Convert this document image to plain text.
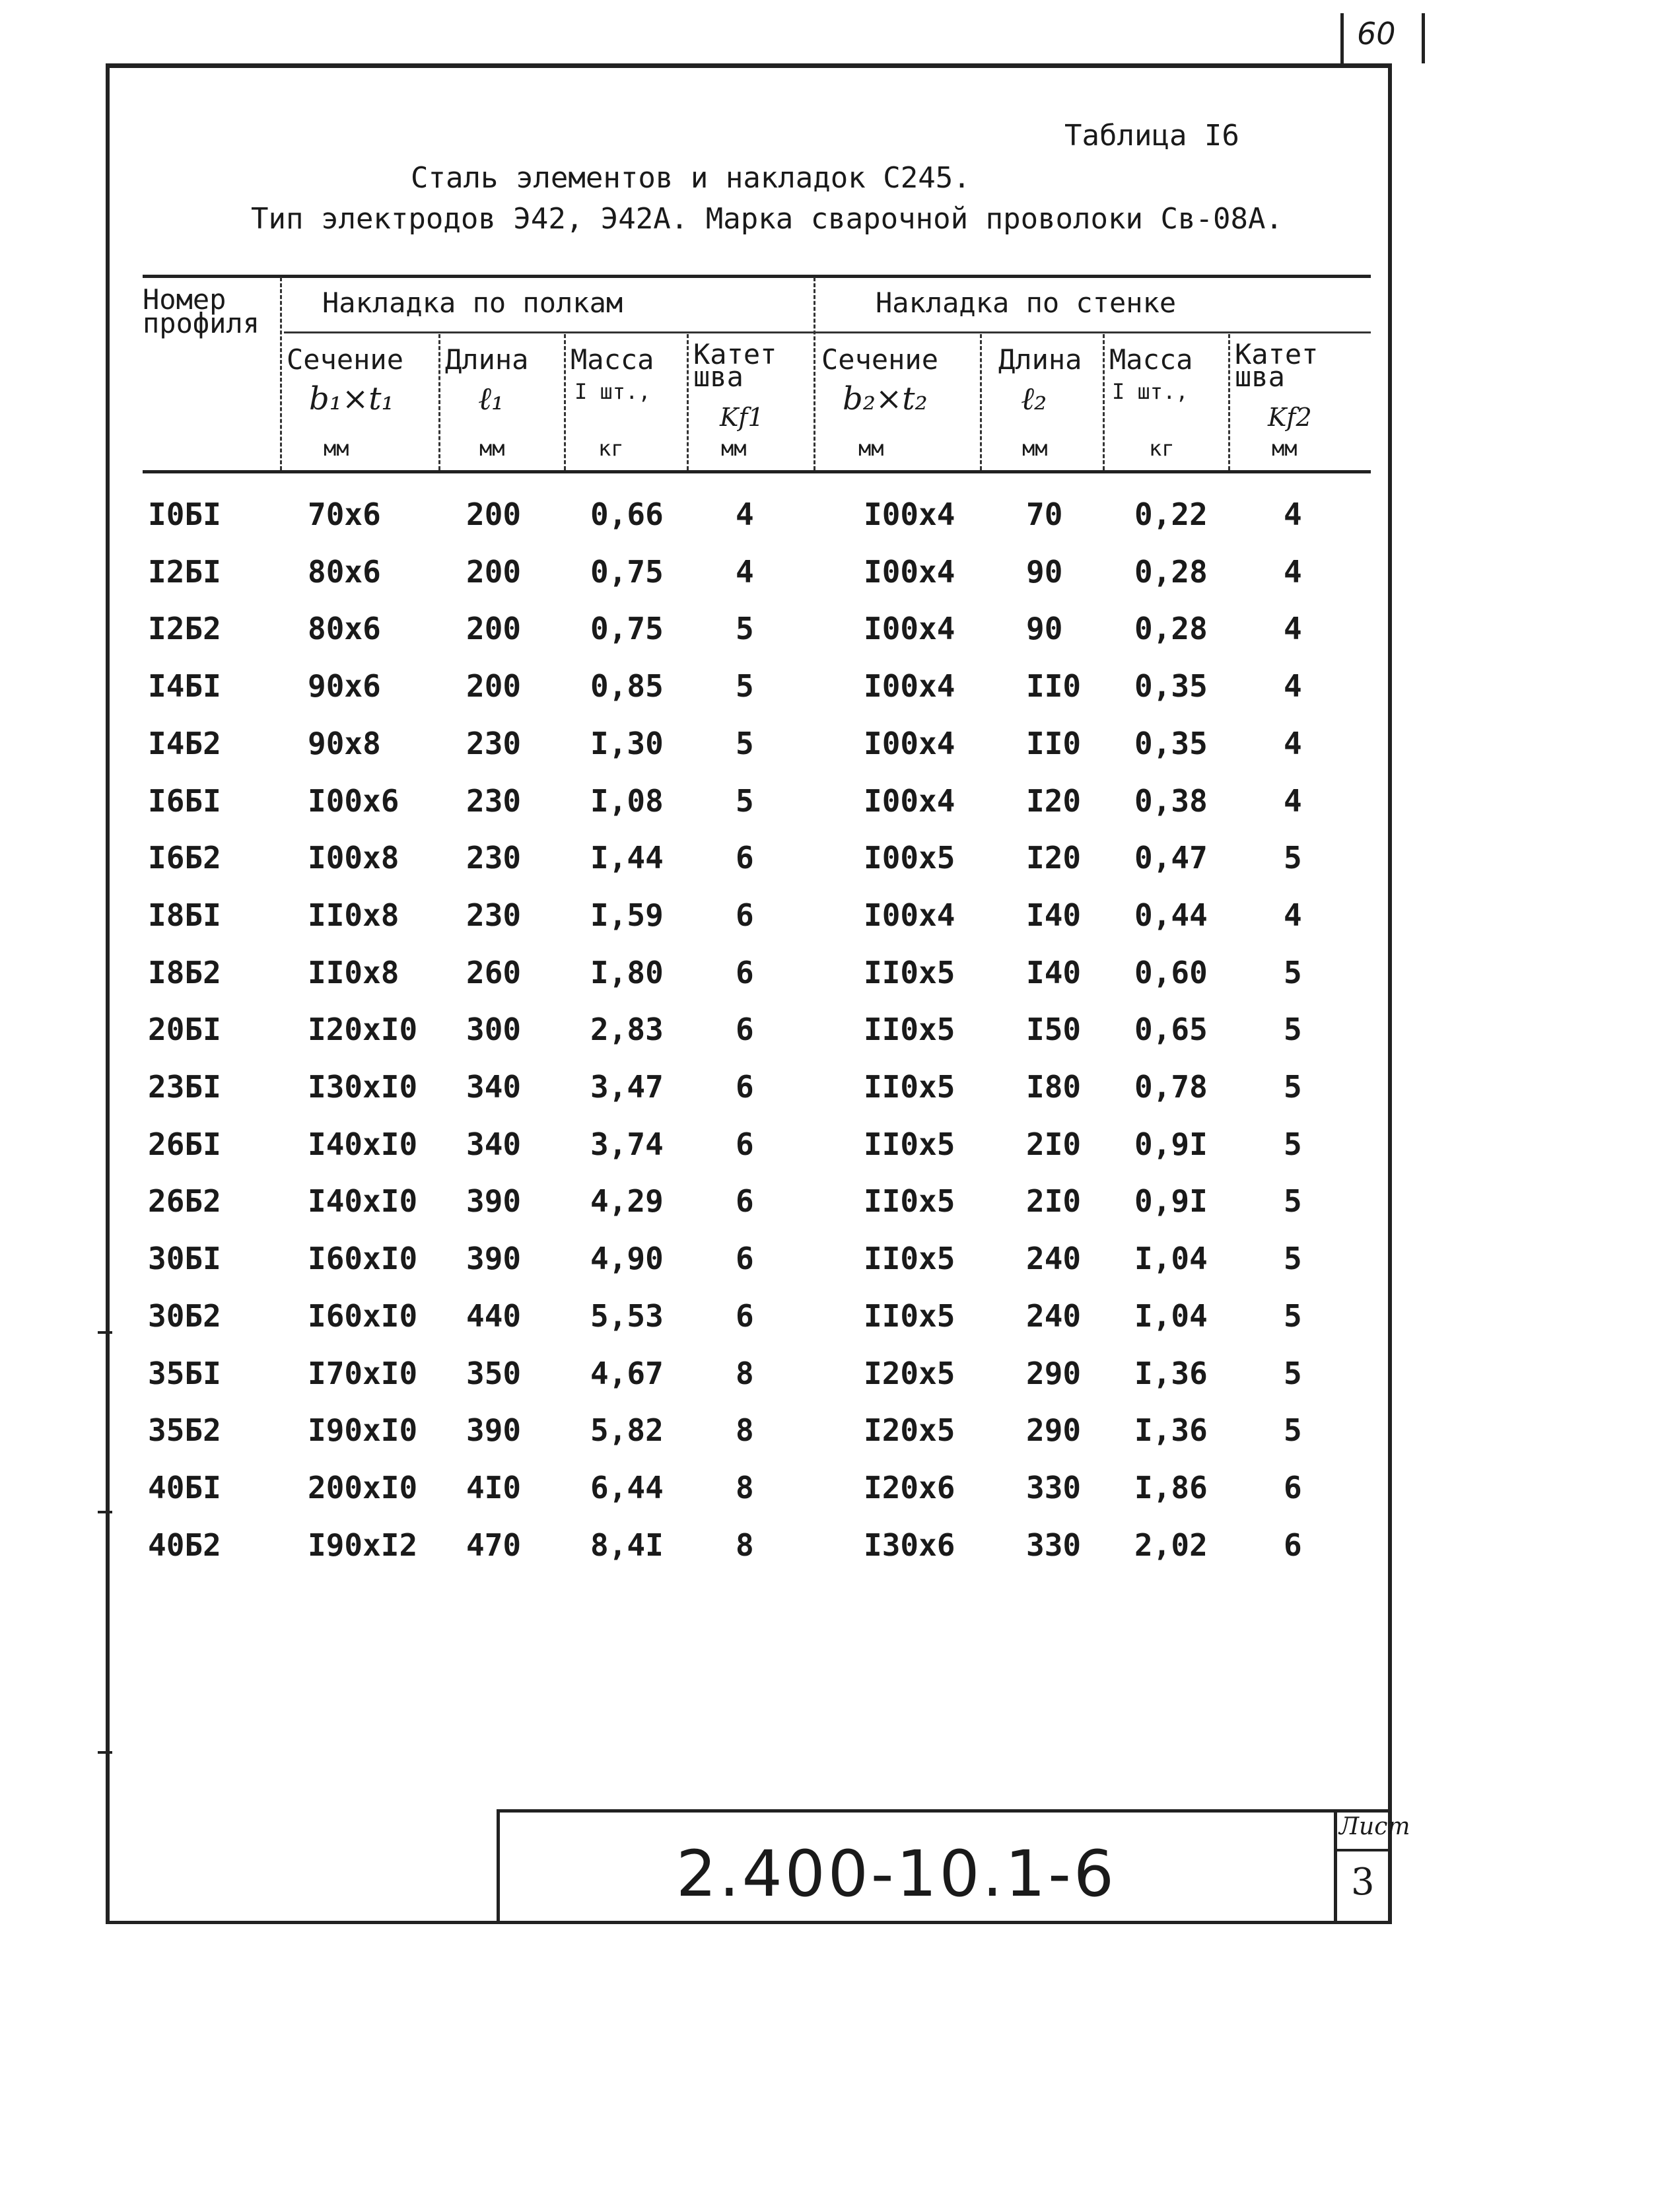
60
Таблица I6
Сталь элементов и накладок С245.
Тип электродов Э42, Э42А. Марка сварочной проволоки Св-08А.
Номер профиля
Накладка по полкам	Накладка по стенке
Сечение
b₁×t₁
мм
Длина
ℓ₁
мм
Масса
I шт.,
кг
Катет шва
Kf1
мм
Сечение
b₂×t₂
мм
Длина
ℓ₂
мм
Масса
I шт.,
кг
Катет шва
Kf2
мм
I0БI	70x6	200 0,66 4	I00x4 70 0,22	4
I2БI	80x6	200 0,75 4	I00x4 90 0,28	4
I2Б2	80x6	200 0,75 5	I00x4 90 0,28	4
I4БI	90x6	200 0,85 5	I00x4 II0 0,35	4
I4Б2	90x8	230 I,30 5	I00x4 II0 0,35	4
I6БI	I00x6 230 I,08 5	I00x4 I20 0,38	4
I6Б2	I00x8 230 I,44 6	I00x5 I20 0,47	5
I8БI	II0x8 230 I,59 6	I00x4 I40 0,44	4
I8Б2	II0x8 260 I,80 6	II0x5 I40 0,60	5
20БI	I20xI0 300 2,83 6	II0x5 I50 0,65	5
23БI	I30xI0 340 3,47 6	II0x5 I80 0,78	5
26БI	I40xI0 340 3,74 6	II0x5 2I0 0,9I	5
26Б2	I40xI0 390 4,29 6	II0x5 2I0 0,9I	5
30БI	I60xI0 390 4,90 6	II0x5 240 I,04	5
30Б2	I60xI0 440 5,53 6	II0x5 240 I,04	5
35БI	I70xI0 350 4,67 8	I20x5 290 I,36	5
35Б2	I90xI0 390 5,82 8	I20x5 290 I,36	5
40БI	200xI0 4I0 6,44 8	I20x6 330 I,86	6
40Б2	I90xI2 470 8,4I 8	I30x6 330 2,02	6
2.400-10.1-6
Лист
3
